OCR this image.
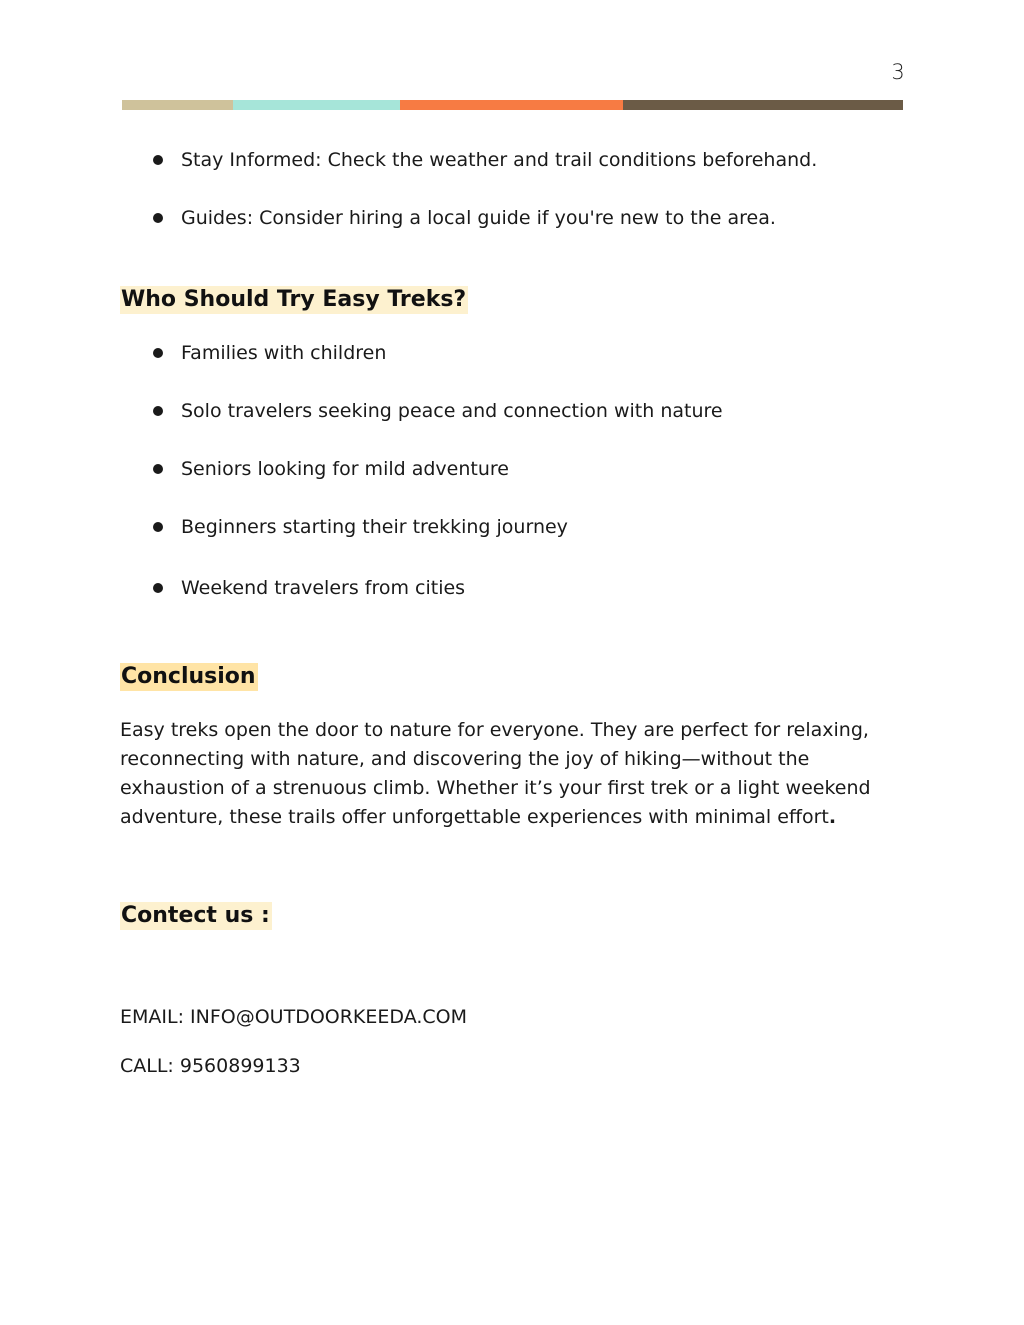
3
Stay Informed: Check the weather and trail conditions beforehand.
Guides: Consider hiring a local guide if you're new to the area.
Who Should Try Easy Treks?
Families with children
Solo travelers seeking peace and connection with nature
Seniors looking for mild adventure
Beginners starting their trekking journey
Weekend travelers from cities
Conclusion

Easy treks open the door to nature for everyone. They are perfect for relaxing, reconnecting with nature, and discovering the joy of hiking—without the exhaustion of a strenuous climb. Whether it’s your first trek or a light weekend adventure, these trails offer unforgettable experiences with minimal effort.

Contect us :
EMAIL: INFO@OUTDOORKEEDA.COM
CALL: 9560899133
